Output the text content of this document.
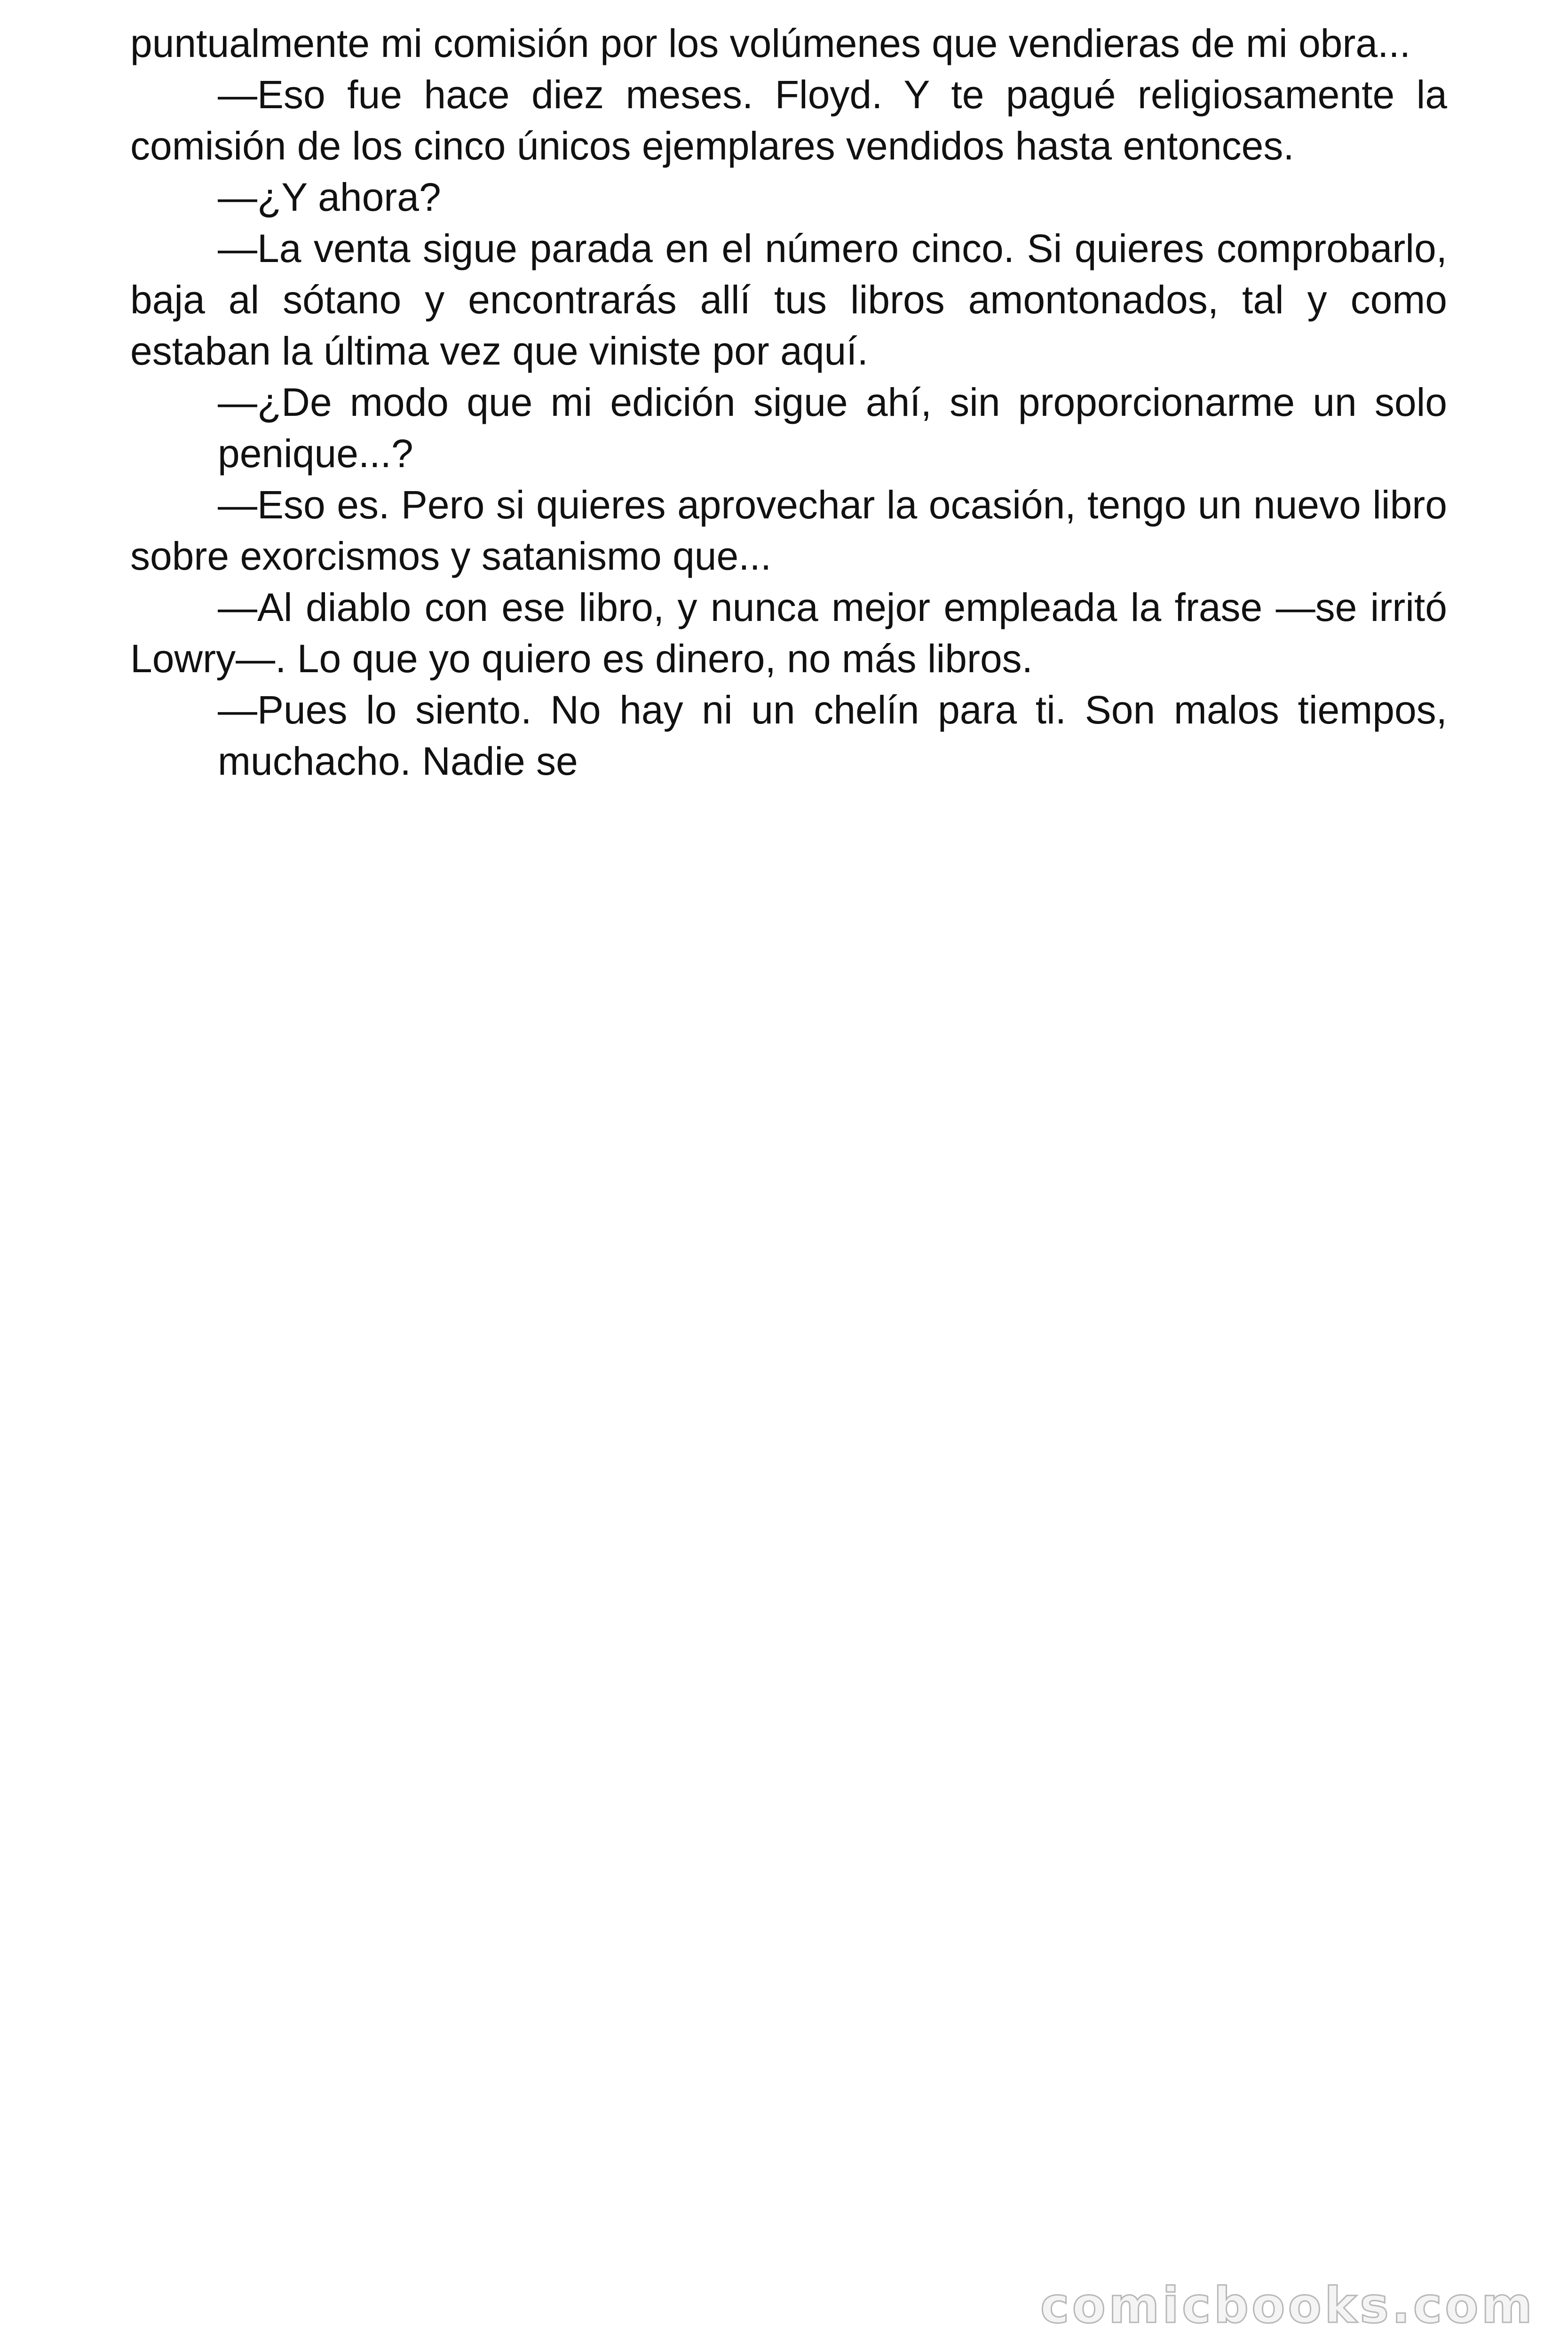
puntualmente mi comisión por los volúmenes que vendieras de mi obra...

—Eso fue hace diez meses. Floyd. Y te pagué religiosamente la comisión de los cinco únicos ejemplares vendidos hasta entonces.

—¿Y ahora?

—La venta sigue parada en el número cinco. Si quieres comprobarlo, baja al sótano y encontrarás allí tus libros amontonados, tal y como estaban la última vez que viniste por aquí.

—¿De modo que mi edición sigue ahí, sin proporcionarme un solo penique...?

—Eso es. Pero si quieres aprovechar la ocasión, tengo un nuevo libro sobre exorcismos y satanismo que...

—Al diablo con ese libro, y nunca mejor empleada la frase —se irritó Lowry—. Lo que yo quiero es dinero, no más libros.

—Pues lo siento. No hay ni un chelín para ti. Son malos tiempos, muchacho. Nadie se

comicbooks.com
